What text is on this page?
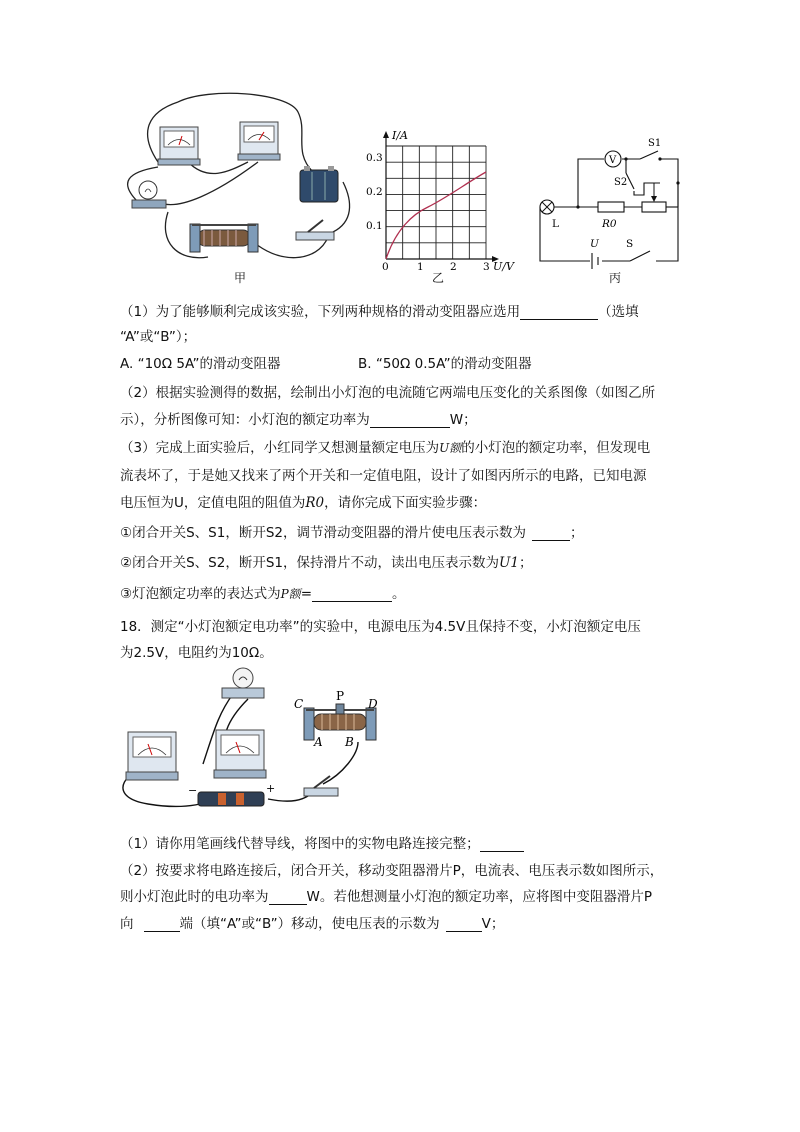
甲
I/A
U/V
0	1	2	3
0.1
0.2
0.3
乙
V
S1
S2
L	R0
U	S
丙
（1）为了能够顺利完成该实验，下列两种规格的滑动变阻器应选用	（选填
“A”或“B”）；
A. “10Ω 5A”的滑动变阻器	B. “50Ω 0.5A”的滑动变阻器
（2）根据实验测得的数据，绘制出小灯泡的电流随它两端电压变化的关系图像（如图乙所
示），分析图像可知：小灯泡的额定功率为	W；
（3）完成上面实验后，小红同学又想测量额定电压为U额的小灯泡的额定功率，但发现电
流表坏了，于是她又找来了两个开关和一定值电阻，设计了如图丙所示的电路，已知电源
电压恒为U，定值电阻的阻值为R0，请你完成下面实验步骤：
①闭合开关S、S1，断开S2，调节滑动变阻器的滑片使电压表示数为	；
②闭合开关S、S2，断开S1，保持滑片不动，读出电压表示数为U1；
③灯泡额定功率的表达式为P额=	。
18．测定“小灯泡额定电功率”的实验中，电源电压为4.5V且保持不变，小灯泡额定电压
为2.5V，电阻约为10Ω。
−	+
C
P
D
A B
（1）请你用笔画线代替导线，将图中的实物电路连接完整；
（2）按要求将电路连接后，闭合开关，移动变阻器滑片P，电流表、电压表示数如图所示，
则小灯泡此时的电功率为	W。若他想测量小灯泡的额定功率，应将图中变阻器滑片P
向	端（填“A”或“B”）移动，使电压表的示数为	V；
